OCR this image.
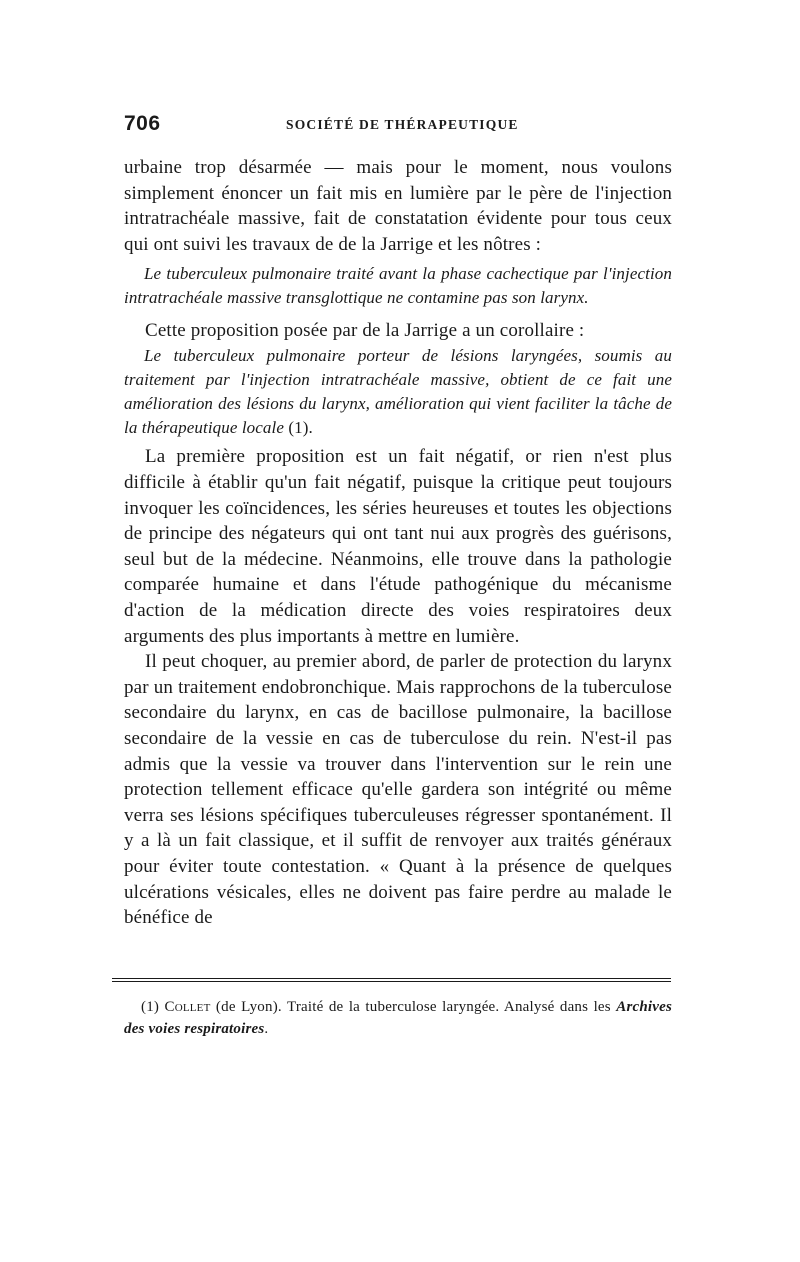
706	SOCIÉTÉ DE THÉRAPEUTIQUE

urbaine trop désarmée — mais pour le moment, nous voulons simplement énoncer un fait mis en lumière par le père de l'injection intratrachéale massive, fait de constatation évidente pour tous ceux qui ont suivi les travaux de de la Jarrige et les nôtres :

Le tuberculeux pulmonaire traité avant la phase cachectique par l'injection intratrachéale massive transglottique ne contamine pas son larynx.

Cette proposition posée par de la Jarrige a un corollaire :

Le tuberculeux pulmonaire porteur de lésions laryngées, soumis au traitement par l'injection intratrachéale massive, obtient de ce fait une amélioration des lésions du larynx, amélioration qui vient faciliter la tâche de la thérapeutique locale (1).

La première proposition est un fait négatif, or rien n'est plus difficile à établir qu'un fait négatif, puisque la critique peut toujours invoquer les coïncidences, les séries heureuses et toutes les objections de principe des négateurs qui ont tant nui aux progrès des guérisons, seul but de la médecine. Néanmoins, elle trouve dans la pathologie comparée humaine et dans l'étude pathogénique du mécanisme d'action de la médication directe des voies respiratoires deux arguments des plus importants à mettre en lumière.

Il peut choquer, au premier abord, de parler de protection du larynx par un traitement endobronchique. Mais rapprochons de la tuberculose secondaire du larynx, en cas de bacillose pulmonaire, la bacillose secondaire de la vessie en cas de tuberculose du rein. N'est-il pas admis que la vessie va trouver dans l'intervention sur le rein une protection tellement efficace qu'elle gardera son intégrité ou même verra ses lésions spécifiques tuberculeuses régresser spontanément. Il y a là un fait classique, et il suffit de renvoyer aux traités généraux pour éviter toute contestation. « Quant à la présence de quelques ulcérations vésicales, elles ne doivent pas faire perdre au malade le bénéfice de

(1) Collet (de Lyon). Traité de la tuberculose laryngée. Analysé dans les Archives des voies respiratoires.
